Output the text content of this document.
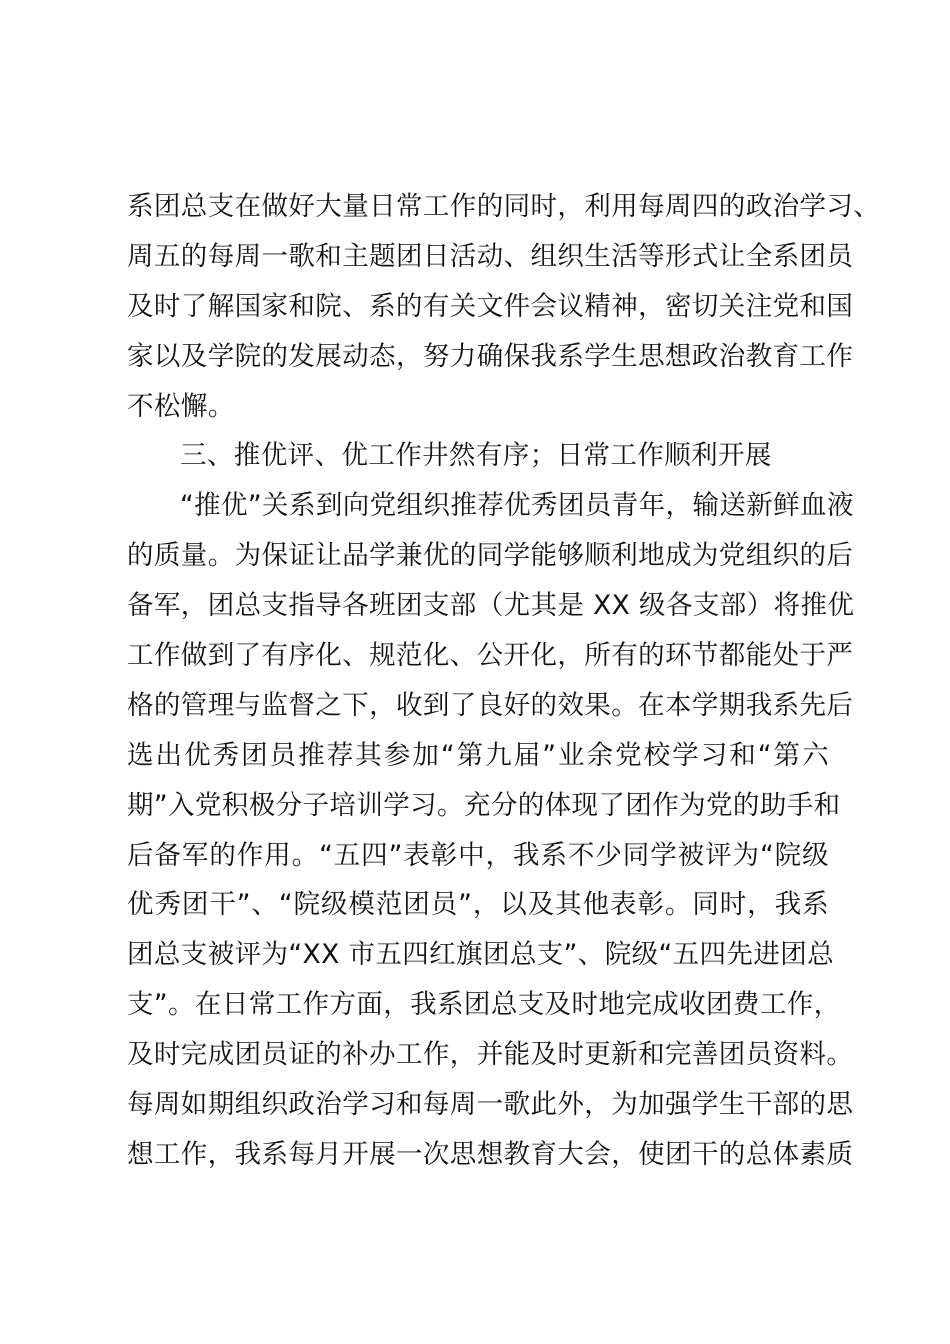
系团总支在做好大量日常工作的同时，利用每周四的政治学习、
周五的每周一歌和主题团日活动、组织生活等形式让全系团员
及时了解国家和院、系的有关文件会议精神，密切关注党和国
家以及学院的发展动态，努力确保我系学生思想政治教育工作
不松懈。
三、推优评、优工作井然有序；日常工作顺利开展
“推优”关系到向党组织推荐优秀团员青年，输送新鲜血液
的质量。为保证让品学兼优的同学能够顺利地成为党组织的后
备军，团总支指导各班团支部（尤其是 XX 级各支部）将推优
工作做到了有序化、规范化、公开化，所有的环节都能处于严
格的管理与监督之下，收到了良好的效果。在本学期我系先后
选出优秀团员推荐其参加“第九届”业余党校学习和“第六
期”入党积极分子培训学习。充分的体现了团作为党的助手和
后备军的作用。“五四”表彰中，我系不少同学被评为“院级
优秀团干”、“院级模范团员”，以及其他表彰。同时，我系
团总支被评为“XX 市五四红旗团总支”、院级“五四先进团总
支”。在日常工作方面，我系团总支及时地完成收团费工作，
及时完成团员证的补办工作，并能及时更新和完善团员资料。
每周如期组织政治学习和每周一歌此外，为加强学生干部的思
想工作，我系每月开展一次思想教育大会，使团干的总体素质
